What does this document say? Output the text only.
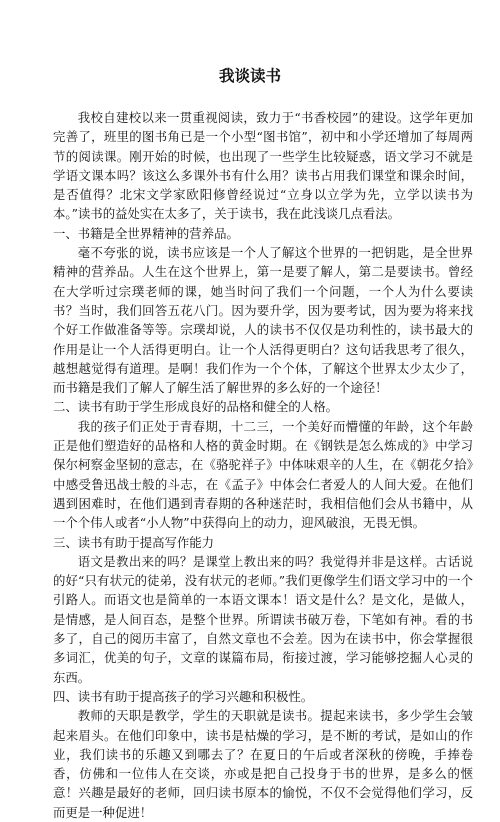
我谈读书

我校自建校以来一贯重视阅读，致力于“书香校园”的建设。这学年更加完善了，班里的图书角已是一个小型“图书馆”，初中和小学还增加了每周两节的阅读课。刚开始的时候，也出现了一些学生比较疑惑，语文学习不就是学语文课本吗？该这么多课外书有什么用？读书占用我们课堂和课余时间，是否值得？北宋文学家欧阳修曾经说过“立身以立学为先，立学以读书为本。”读书的益处实在太多了，关于读书，我在此浅谈几点看法。

一、书籍是全世界精神的营养品。

毫不夸张的说，读书应该是一个人了解这个世界的一把钥匙，是全世界精神的营养品。人生在这个世界上，第一是要了解人，第二是要读书。曾经在大学听过宗璞老师的课，她当时问了我们一个问题，一个人为什么要读书？当时，我们回答五花八门。因为要升学，因为要考试，因为要为将来找个好工作做准备等等。宗璞却说，人的读书不仅仅是功利性的，读书最大的作用是让一个人活得更明白。让一个人活得更明白？这句话我思考了很久，越想越觉得有道理。是啊！我们作为一个个体，了解这个世界太少太少了，而书籍是我们了解人了解生活了解世界的多么好的一个途径！

二、读书有助于学生形成良好的品格和健全的人格。

我的孩子们正处于青春期，十二三，一个美好而懵懂的年龄，这个年龄正是他们塑造好的品格和人格的黄金时期。在《钢铁是怎么炼成的》中学习保尔柯察金坚韧的意志，在《骆驼祥子》中体味艰辛的人生，在《朝花夕拾》中感受鲁迅战士般的斗志，在《孟子》中体会仁者爱人的人间大爱。在他们遇到困难时，在他们遇到青春期的各种迷茫时，我相信他们会从书籍中，从一个个伟人或者“小人物”中获得向上的动力，迎风破浪，无畏无惧。

三、读书有助于提高写作能力

语文是教出来的吗？是课堂上教出来的吗？我觉得并非是这样。古话说的好“只有状元的徒弟，没有状元的老师。”我们更像学生们语文学习中的一个引路人。而语文也是简单的一本语文课本！语文是什么？是文化，是做人，是情感，是人间百态，是整个世界。所谓读书破万卷，下笔如有神。看的书多了，自己的阅历丰富了，自然文章也不会差。因为在读书中，你会掌握很多词汇，优美的句子，文章的谋篇布局，衔接过渡，学习能够挖掘人心灵的东西。

四、读书有助于提高孩子的学习兴趣和积极性。

教师的天职是教学，学生的天职就是读书。提起来读书，多少学生会皱起来眉头。在他们印象中，读书是枯燥的学习，是不断的考试，是如山的作业，我们读书的乐趣又到哪去了？在夏日的午后或者深秋的傍晚，手捧卷香，仿佛和一位伟人在交谈，亦或是把自己投身于书的世界，是多么的惬意！兴趣是最好的老师，回归读书原本的愉悦，不仅不会觉得他们学习，反而更是一种促进！
